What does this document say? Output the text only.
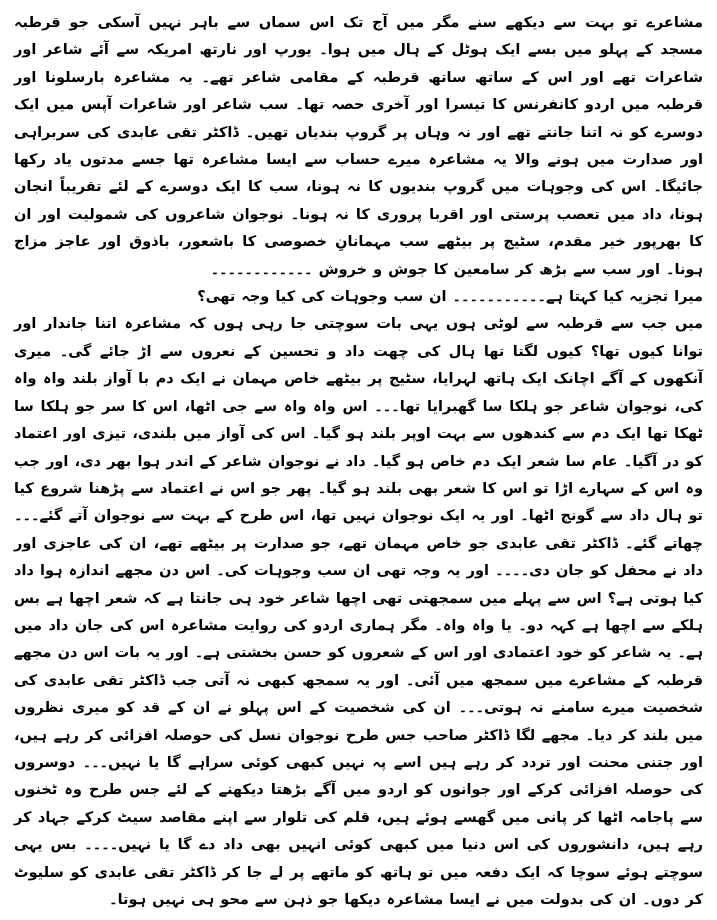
مشاعرے تو بہت سے دیکھے سنے مگر میں آج تک اس سماں سے باہر نہیں آسکی جو قرطبہ مسجد کے پہلو میں بسے ایک ہوٹل کے ہال میں ہوا۔ یورپ اور نارتھ امریکہ سے آئے شاعر اور شاعرات تھے اور اس کے ساتھ ساتھ قرطبہ کے مقامی شاعر تھے۔ یہ مشاعرہ بارسلونا اور قرطبہ میں اردو کانفرنس کا تیسرا اور آخری حصہ تھا۔ سب شاعر اور شاعرات آپس میں ایک دوسرے کو نہ اتنا جانتے تھے اور نہ وہاں پر گروپ بندیاں تھیں۔ ڈاکٹر تقی عابدی کی سربراہی اور صدارت میں ہونے والا یہ مشاعرہ میرے حساب سے ایسا مشاعرہ تھا جسے مدتوں یاد رکھا جائیگا۔ اس کی وجوہات میں گروپ بندیوں کا نہ ہونا، سب کا ایک دوسرے کے لئے تقریباً انجان ہونا، داد میں تعصب پرستی اور اقربا پروری کا نہ ہونا۔ نوجوان شاعروں کی شمولیت اور ان کا بھرپور خیر مقدم، سٹیج پر بیٹھے سب مہمانانِ خصوصی کا باشعور، باذوق اور عاجز مزاج ہونا۔ اور سب سے بڑھ کر سامعین کا جوش و خروش ۔۔۔۔۔۔۔۔۔۔۔۔

میرا تجزیہ کیا کہتا ہے۔۔۔۔۔۔۔۔۔۔۔ ان سب وجوہات کی کیا وجہ تھی؟

میں جب سے قرطبہ سے لوٹی ہوں یہی بات سوچتی جا رہی ہوں کہ مشاعرہ اتنا جاندار اور توانا کیوں تھا؟ کیوں لگتا تھا ہال کی چھت داد و تحسین کے نعروں سے اڑ جائے گی۔ میری آنکھوں کے آگے اچانک ایک ہاتھ لہرایا، سٹیج پر بیٹھے خاص مہمان نے ایک دم با آواز بلند واہ واہ کی، نوجوان شاعر جو ہلکا سا گھبرایا تھا۔۔۔ اس واہ واہ سے جی اٹھا، اس کا سر جو ہلکا سا ٹھکا تھا ایک دم سے کندھوں سے بہت اوپر بلند ہو گیا۔ اس کی آواز میں بلندی، تیزی اور اعتماد کو در آگیا۔ عام سا شعر ایک دم خاص ہو گیا۔ داد نے نوجوان شاعر کے اندر ہوا بھر دی، اور جب وہ اس کے سہارے اڑا تو اس کا شعر بھی بلند ہو گیا۔ پھر جو اس نے اعتماد سے پڑھنا شروع کیا تو ہال داد سے گونج اٹھا۔ اور یہ ایک نوجوان نہیں تھا، اس طرح کے بہت سے نوجوان آتے گئے۔۔۔ چھاتے گئے۔ ڈاکٹر تقی عابدی جو خاص مہمان تھے، جو صدارت پر بیٹھے تھے، ان کی عاجزی اور داد نے محفل کو جان دی۔۔۔۔ اور یہ وجہ تھی ان سب وجوہات کی۔ اس دن مجھے اندازہ ہوا داد کیا ہوتی ہے؟ اس سے پہلے میں سمجھتی تھی اچھا شاعر خود ہی جانتا ہے کہ شعر اچھا ہے بس ہلکے سے اچھا ہے کہہ دو۔ یا واہ واہ۔ مگر ہماری اردو کی روایت مشاعرہ اس کی جان داد میں ہے۔ یہ شاعر کو خود اعتمادی اور اس کے شعروں کو حسن بخشتی ہے۔ اور یہ بات اس دن مجھے قرطبہ کے مشاعرے میں سمجھ میں آئی۔ اور یہ سمجھ کبھی نہ آتی جب ڈاکٹر تقی عابدی کی شخصیت میرے سامنے نہ ہوتی۔۔۔ ان کی شخصیت کے اس پہلو نے ان کے قد کو میری نظروں میں بلند کر دیا۔ مجھے لگا ڈاکٹر صاحب جس طرح نوجوان نسل کی حوصلہ افزائی کر رہے ہیں، اور جتنی محنت اور تردد کر رہے ہیں اسے پہ نہیں کبھی کوئی سراہے گا یا نہیں۔۔۔ دوسروں کی حوصلہ افزائی کرکے اور جوانوں کو اردو میں آگے بڑھتا دیکھنے کے لئے جس طرح وہ ٹخنوں سے پاجامہ اٹھا کر پانی میں گھسے ہوئے ہیں، قلم کی تلوار سے اپنے مقاصد سیٹ کرکے جہاد کر رہے ہیں، دانشوروں کی اس دنیا میں کبھی کوئی انہیں بھی داد دے گا یا نہیں۔۔۔۔ بس یہی سوچتے ہوئے سوچا کہ ایک دفعہ میں تو ہاتھ کو ماتھے پر لے جا کر ڈاکٹر تقی عابدی کو سلیوٹ کر دوں۔ ان کی بدولت میں نے ایسا مشاعرہ دیکھا جو ذہن سے محو ہی نہیں ہوتا۔
